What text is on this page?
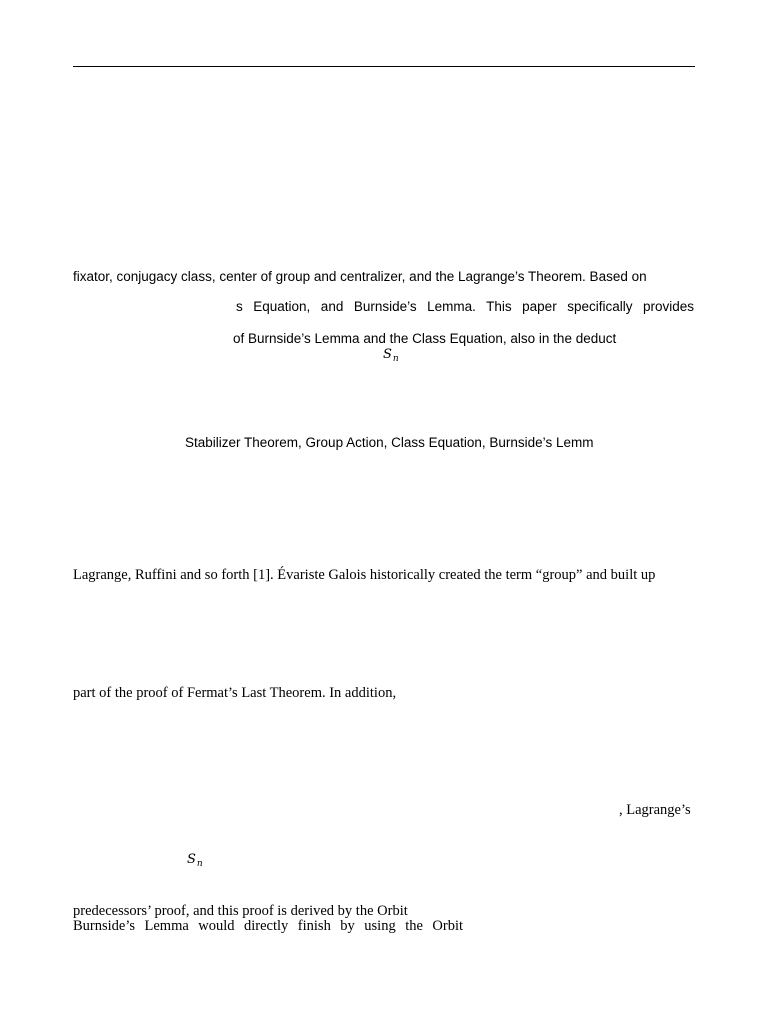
fixator, conjugacy class, center of group and centralizer, and the Lagrange’s Theorem. Based on
s Equation, and Burnside’s Lemma. This paper specifically provides
of Burnside’s Lemma and the Class Equation, also in the deduct
$S_n$
Stabilizer Theorem, Group Action, Class Equation, Burnside’s Lemm
Lagrange, Ruffini and so forth [1]. Évariste Galois historically created the term “group” and built up
part of the proof of Fermat’s Last Theorem. In addition,
, Lagrange’s
$S_n$
predecessors’ proof, and this proof is derived by the Orbit
Burnside’s Lemma would directly finish by using the Orbit
